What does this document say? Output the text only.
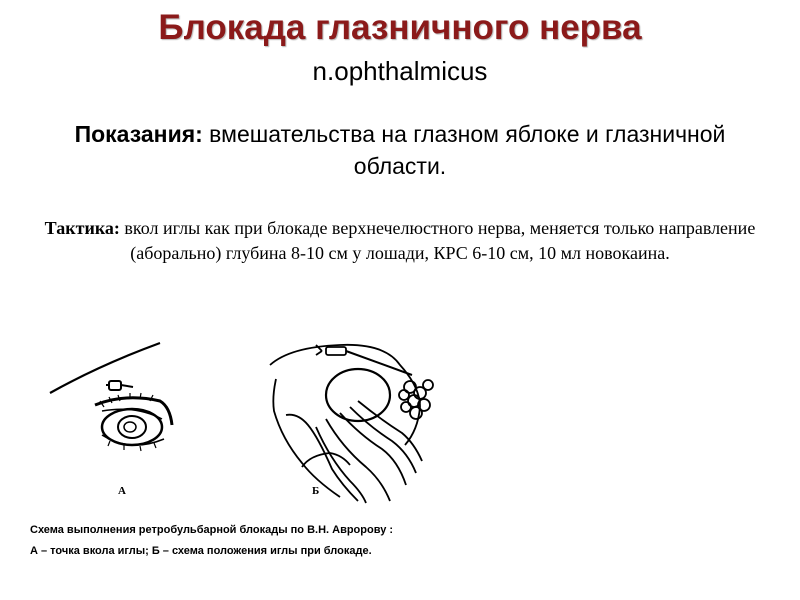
Блокада глазничного нерва
n.ophthalmicus
Показания: вмешательства на глазном яблоке и глазничной области.
Тактика: вкол иглы как при блокаде верхнечелюстного нерва, меняется только направление (аборально) глубина 8-10 см у лошади, КРС 6-10 см, 10 мл новокаина.
А	Б
Схема выполнения ретробульбарной блокады по В.Н. Авророву :
А – точка вкола иглы; Б – схема положения иглы при блокаде.
